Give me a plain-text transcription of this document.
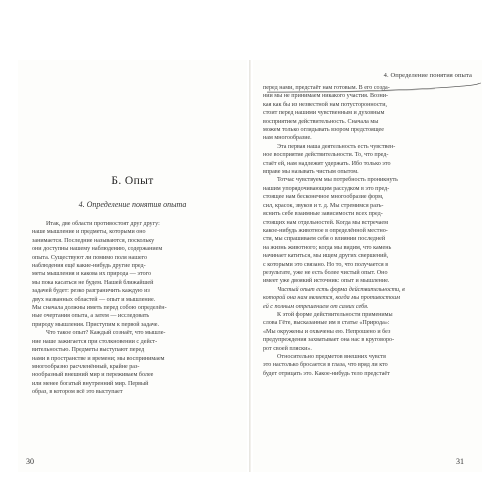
Б. Опыт
4. Определение понятия опыта

Итак, две области противостоят друг другу:

наше мышление и предметы, которыми оно

занимается. Последние называются, поскольку

они доступны нашему наблюдению, содержанием

опыта. Существуют ли помимо поля нашего

наблюдения ещё какие-нибудь другие пред-

меты мышления и какова их природа — этого

мы пока касаться не будем. Нашей ближайшей

задачей будет: резко разграничить каждую из

двух названных областей — опыт и мышление.

Мы сначала должны иметь перед собою определён-

ные очертания опыта, а затем — исследовать

природу мышления. Приступим к первой задаче.

Что такое опыт? Каждый сознаёт, что мышле-

ние наше зажигается при столкновении с дейст-

вительностью. Предметы выступают перед

нами в пространстве и времени; мы воспринимаем

многообразно расчленённый, крайне раз-

нообразный внешний мир и переживаем более

или менее богатый внутренний мир. Первый

образ, в котором всё это выступает

4. Определение понятия опыта

перед нами, предстаёт нам готовым. В его созда-

нии мы не принимаем никакого участия. Возни-

кая как бы из незвестной нам потусторонности,

стоит перед нашими чувственным и духовным

восприятием действительность. Сначала мы

можем только оглядывать взором предстоящее

нам многообразие.

Эта первая наша деятельность есть чувствен-

ное восприятие действительности. То, что пред-

стаёт ей, нам надлежит удержать. Ибо только это

вправе мы называть чистым опытом.

Тотчас чувствуем мы потребность проникнуть

нашим упорядочивающим рассудком в это пред-

стоящее нам бесконечное многообразие форм,

сил, красок, звуков и т. д. Мы стремимся разъ-

яснить себе взаимные зависимости всех пред-

стоящих нам отдельностей. Когда мы встречаем

какое-нибудь животное в определённой местно-

сти, мы спрашиваем себя о влиянии последней

на жизнь животного; когда мы видим, что камень

начинает катиться, мы ищем других свершений,

с которыми это связано. Но то, что получается в

результате, уже не есть более чистый опыт. Оно

имеет уже двоякий источник: опыт и мышление.

Чистый опыт есть форма действительности, в

которой она нам является, когда мы противостоим

ей с полным отрешением от самих себя.

К этой форме действительности применимы

слова Гёте, высказанные им в статье «Природа»:

«Мы окружены и охвачены ею. Непрошено и без

предупреждения захватывает она нас в круговоро-

рот своей пляски».

Относительно предметов внешних чувств

это настолько бросается в глаза, что вряд ли кто

будет отрицать это. Какое-нибудь тело предстаёт

30	31
